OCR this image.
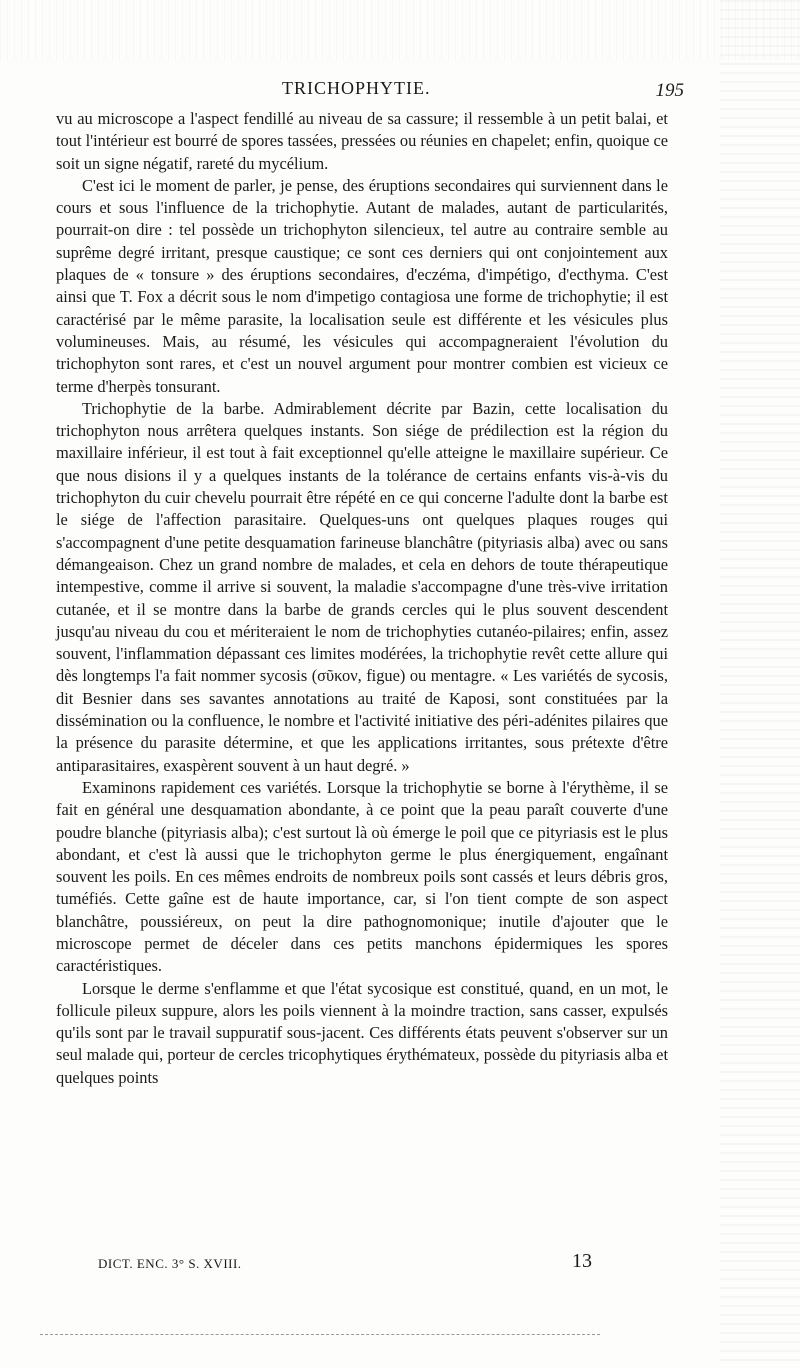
TRICHOPHYTIE.	195

vu au microscope a l'aspect fendillé au niveau de sa cassure; il ressemble à un petit balai, et tout l'intérieur est bourré de spores tassées, pressées ou réunies en chapelet; enfin, quoique ce soit un signe négatif, rareté du mycélium.

C'est ici le moment de parler, je pense, des éruptions secondaires qui surviennent dans le cours et sous l'influence de la trichophytie. Autant de malades, autant de particularités, pourrait-on dire : tel possède un trichophyton silencieux, tel autre au contraire semble au suprême degré irritant, presque caustique; ce sont ces derniers qui ont conjointement aux plaques de « tonsure » des éruptions secondaires, d'eczéma, d'impétigo, d'ecthyma. C'est ainsi que T. Fox a décrit sous le nom d'impetigo contagiosa une forme de trichophytie; il est caractérisé par le même parasite, la localisation seule est différente et les vésicules plus volumineuses. Mais, au résumé, les vésicules qui accompagneraient l'évolution du trichophyton sont rares, et c'est un nouvel argument pour montrer combien est vicieux ce terme d'herpès tonsurant.

Trichophytie de la barbe. Admirablement décrite par Bazin, cette localisation du trichophyton nous arrêtera quelques instants. Son siége de prédilection est la région du maxillaire inférieur, il est tout à fait exceptionnel qu'elle atteigne le maxillaire supérieur. Ce que nous disions il y a quelques instants de la tolérance de certains enfants vis-à-vis du trichophyton du cuir chevelu pourrait être répété en ce qui concerne l'adulte dont la barbe est le siége de l'affection parasitaire. Quelques-uns ont quelques plaques rouges qui s'accompagnent d'une petite desquamation farineuse blanchâtre (pityriasis alba) avec ou sans démangeaison. Chez un grand nombre de malades, et cela en dehors de toute thérapeutique intempestive, comme il arrive si souvent, la maladie s'accompagne d'une très-vive irritation cutanée, et il se montre dans la barbe de grands cercles qui le plus souvent descendent jusqu'au niveau du cou et mériteraient le nom de trichophyties cutanéo-pilaires; enfin, assez souvent, l'inflammation dépassant ces limites modérées, la trichophytie revêt cette allure qui dès longtemps l'a fait nommer sycosis (σῦκον, figue) ou mentagre. « Les variétés de sycosis, dit Besnier dans ses savantes annotations au traité de Kaposi, sont constituées par la dissémination ou la confluence, le nombre et l'activité initiative des péri-adénites pilaires que la présence du parasite détermine, et que les applications irritantes, sous prétexte d'être antiparasitaires, exaspèrent souvent à un haut degré. »

Examinons rapidement ces variétés. Lorsque la trichophytie se borne à l'érythème, il se fait en général une desquamation abondante, à ce point que la peau paraît couverte d'une poudre blanche (pityriasis alba); c'est surtout là où émerge le poil que ce pityriasis est le plus abondant, et c'est là aussi que le trichophyton germe le plus énergiquement, engaînant souvent les poils. En ces mêmes endroits de nombreux poils sont cassés et leurs débris gros, tuméfiés. Cette gaîne est de haute importance, car, si l'on tient compte de son aspect blanchâtre, poussiéreux, on peut la dire pathognomonique; inutile d'ajouter que le microscope permet de déceler dans ces petits manchons épidermiques les spores caractéristiques.

Lorsque le derme s'enflamme et que l'état sycosique est constitué, quand, en un mot, le follicule pileux suppure, alors les poils viennent à la moindre traction, sans casser, expulsés qu'ils sont par le travail suppuratif sous-jacent. Ces différents états peuvent s'observer sur un seul malade qui, porteur de cercles tricophytiques érythémateux, possède du pityriasis alba et quelques points

DICT. ENC. 3° S. XVIII.	13
